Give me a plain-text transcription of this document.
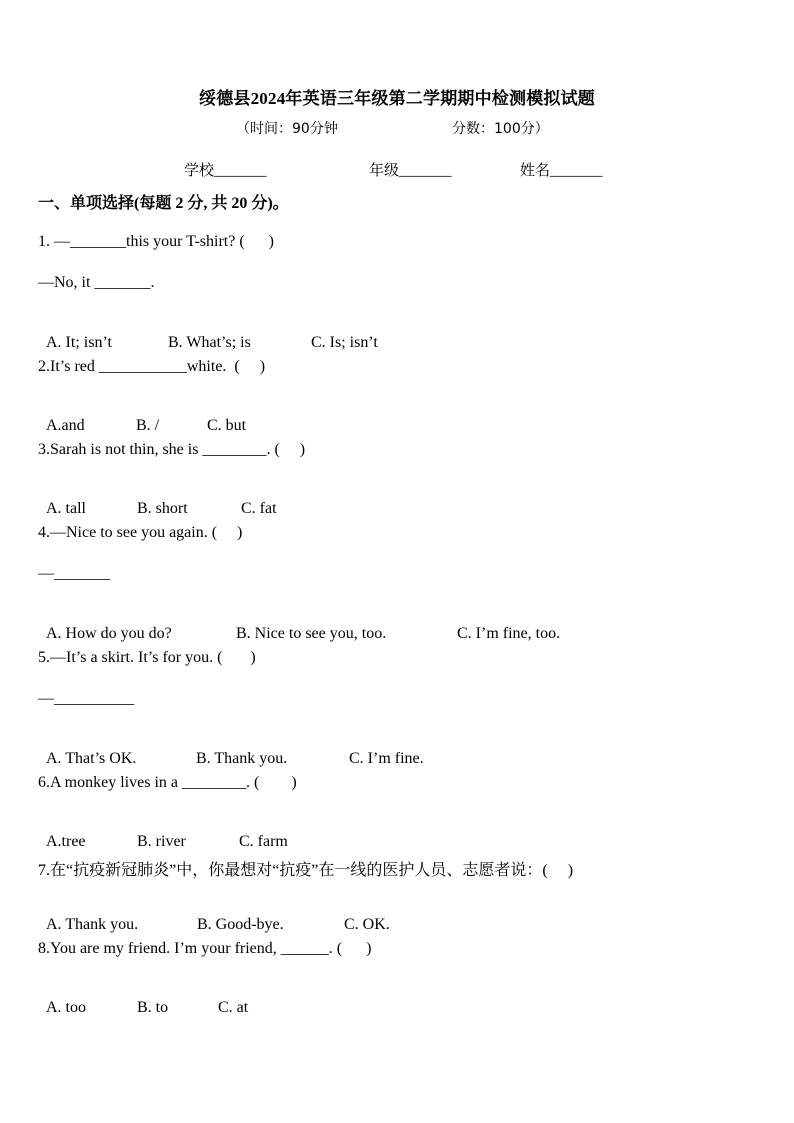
绥德县2024年英语三年级第二学期期中检测模拟试题
（时间：90分钟	分数：100分）
学校_______	年级_______	姓名_______
一、单项选择(每题 2 分, 共 20 分)。
1. —_______this your T-shirt? (      )
—No, it _______.

A. It; isn’t	B. What’s; is	C. Is; isn’t

2.It’s red ___________white.  (     )

A.and	B. /	C. but

3.Sarah is not thin, she is ________. (     )

A. tall	B. short	C. fat

4.—Nice to see you again. (     )
—_______

A. How do you do?	B. Nice to see you, too.	C. I’m fine, too.

5.—It’s a skirt. It’s for you. (       )
—__________

A. That’s OK.	B. Thank you.	C. I’m fine.

6.A monkey lives in a ________. (        )

A.tree	B. river	C. farm

7.在“抗疫新冠肺炎”中，你最想对“抗疫”在一线的医护人员、志愿者说：(     )

A. Thank you.	B. Good-bye.	C. OK.

8.You are my friend. I’m your friend, ______. (      )

A. too	B. to	C. at
